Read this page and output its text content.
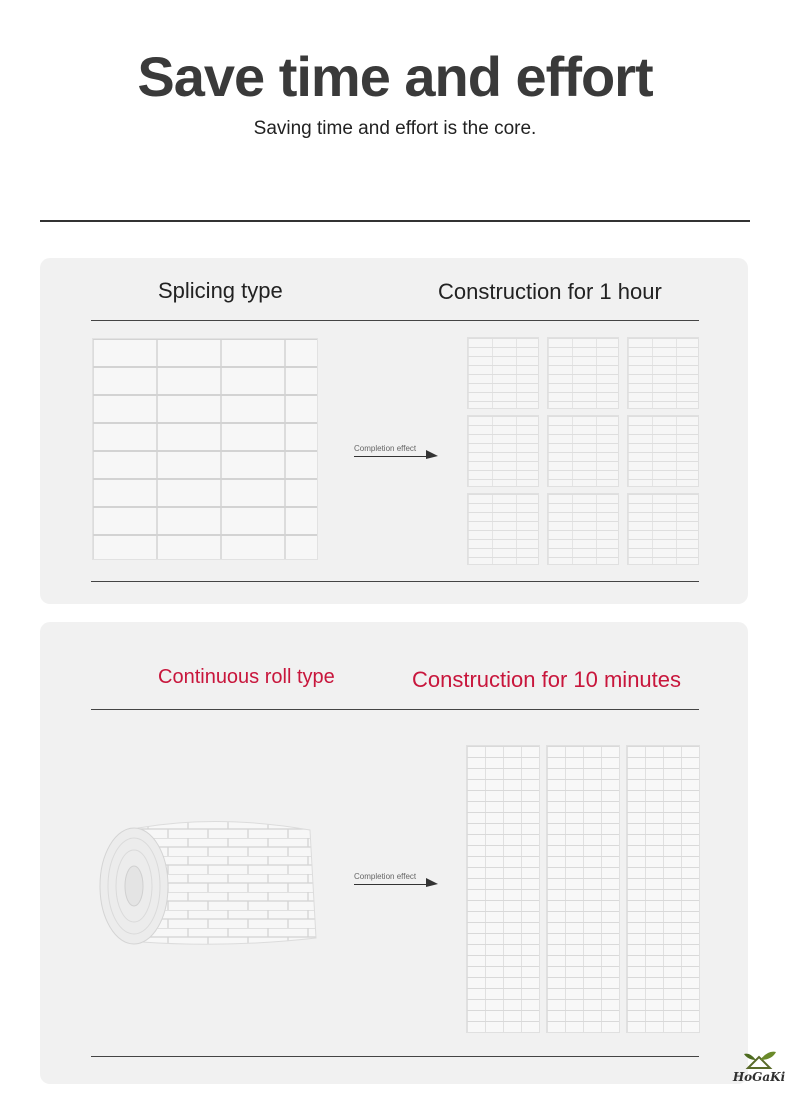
Save time and effort
Saving time and effort is the core.
Splicing type	Construction for 1 hour
Completion effect
Continuous roll type	Construction for 10 minutes
Completion effect
HoGaKi
